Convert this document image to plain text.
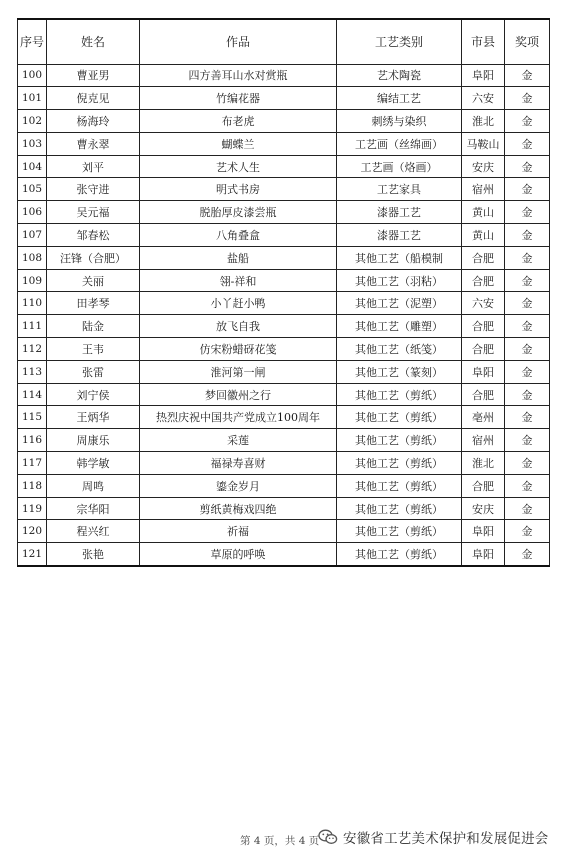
序号	姓名	作品	工艺类别	市县	奖项
100	曹亚男	四方善耳山水对赏瓶	艺术陶瓷	阜阳	金
101	倪克见	竹编花器	编结工艺	六安	金
102	杨海玲	布老虎	刺绣与染织	淮北	金
103	曹永翠	蝴蝶兰	工艺画（丝绵画）	马鞍山	金
104	刘平	艺术人生	工艺画（烙画）	安庆	金
105	张守进	明式书房	工艺家具	宿州	金
106	吴元福	脱胎厚皮漆尝瓶	漆器工艺	黄山	金
107	邹春松	八角叠盒	漆器工艺	黄山	金
108	汪锋（合肥）	盐船	其他工艺（船模制	合肥	金
109	关丽	翎-祥和	其他工艺（羽粘）	合肥	金
110	田孝琴	小丫赶小鸭	其他工艺（泥塑）	六安	金
111	陆金	放飞自我	其他工艺（雕塑）	合肥	金
112	王韦	仿宋粉蜡砑花笺	其他工艺（纸笺）	合肥	金
113	张雷	淮河第一闸	其他工艺（篆刻）	阜阳	金
114	刘宁侯	梦回徽州之行	其他工艺（剪纸）	合肥	金
115	王炳华	热烈庆祝中国共产党成立100周年	其他工艺（剪纸）	亳州	金
116	周康乐	采莲	其他工艺（剪纸）	宿州	金
117	韩学敏	福禄寿喜财	其他工艺（剪纸）	淮北	金
118	周鸣	鎏金岁月	其他工艺（剪纸）	合肥	金
119	宗华阳	剪纸黄梅戏四绝	其他工艺（剪纸）	安庆	金
120	程兴红	祈福	其他工艺（剪纸）	阜阳	金
121	张艳	草原的呼唤	其他工艺（剪纸）	阜阳	金
第 4 页，共 4 页 安徽省工艺美术保护和发展促进会
